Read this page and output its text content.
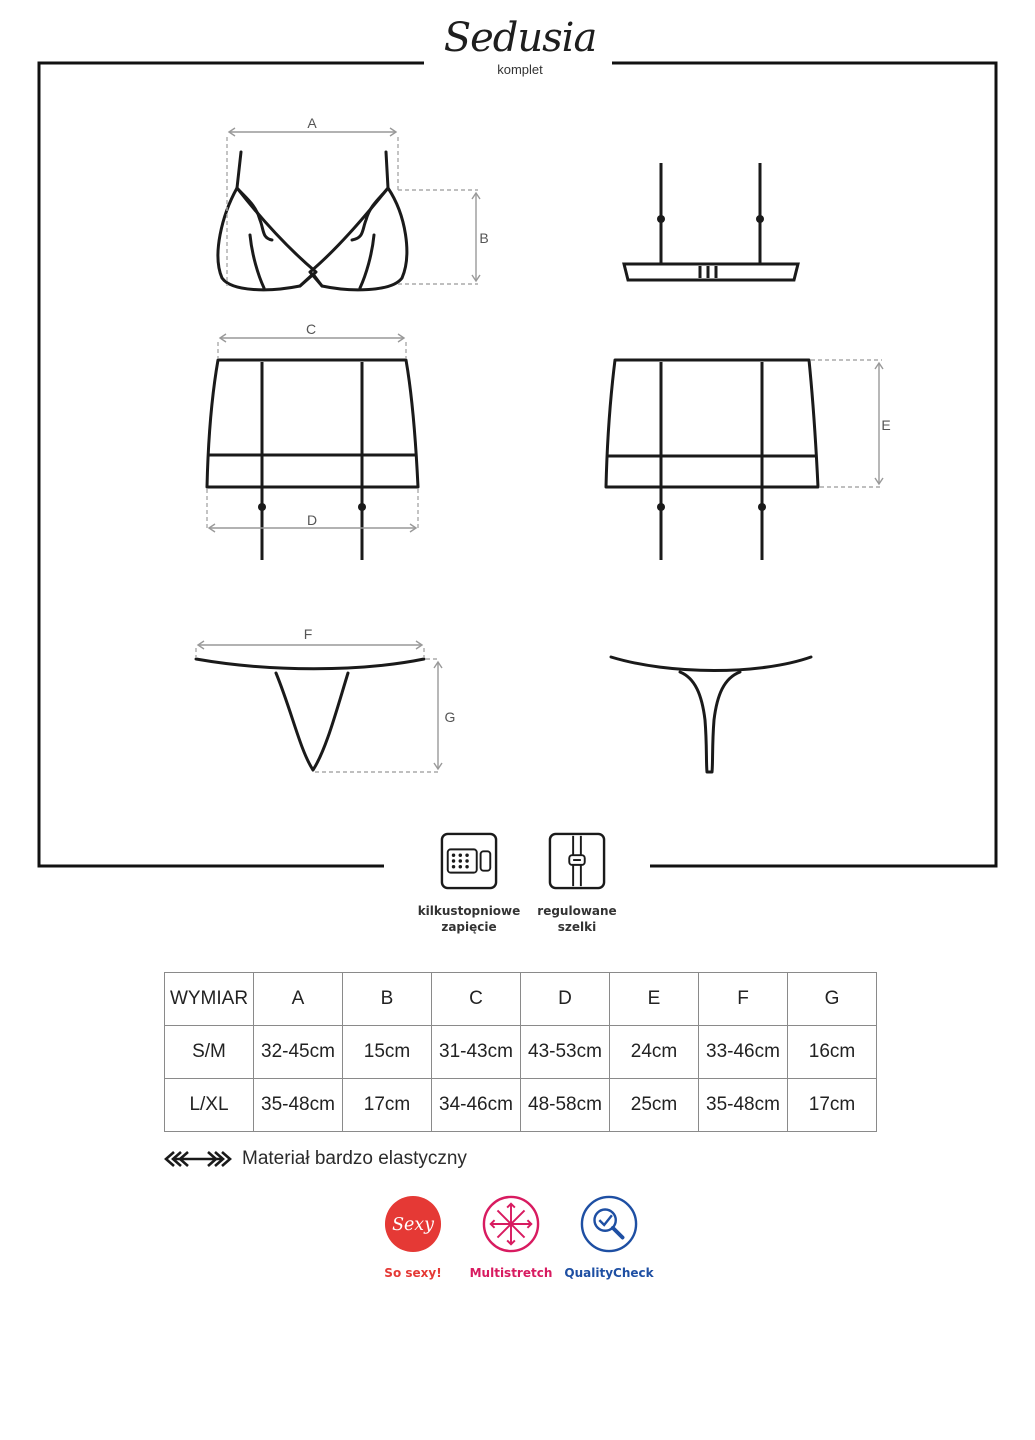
A
B
C
D
E
F
G
Sedusia
komplet
kilkustopniowe
zapięcie
regulowane
szelki
WYMIAR	A	B	C	D	E	F	G
S/M	32-45cm	15cm	31-43cm	43-53cm	24cm	33-46cm	16cm
L/XL	35-48cm	17cm	34-46cm	48-58cm	25cm	35-48cm	17cm
Materiał bardzo elastyczny
Sexy
So sexy!	Multistretch	QualityCheck
